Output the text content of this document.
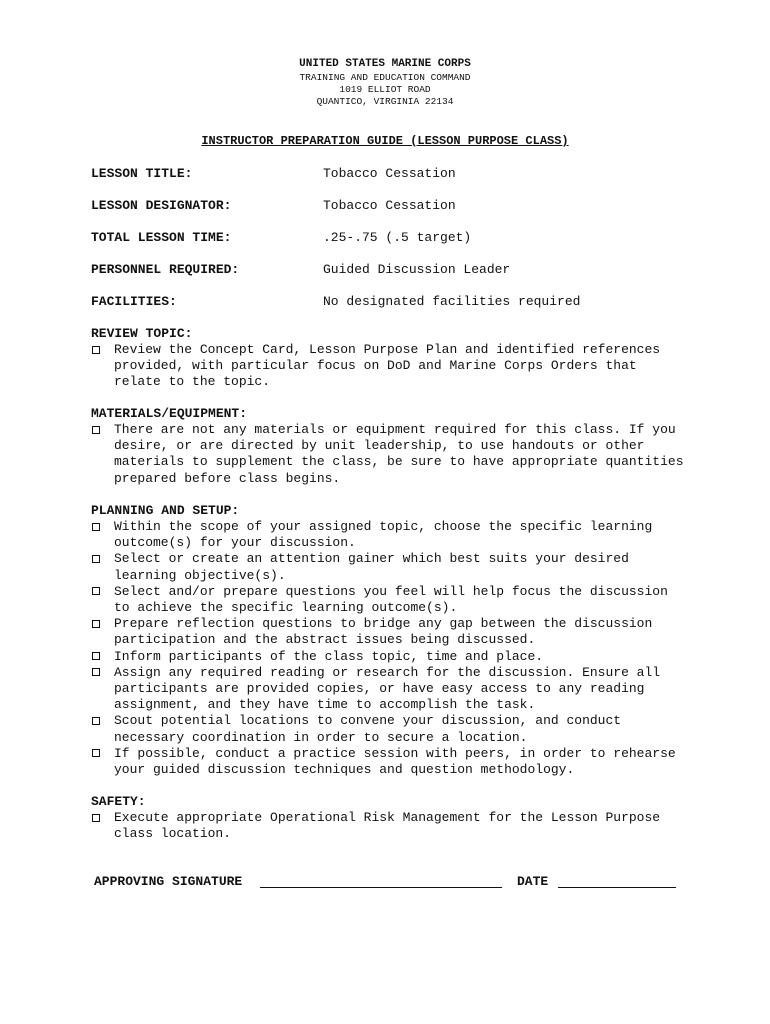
UNITED STATES MARINE CORPS
TRAINING AND EDUCATION COMMAND
1019 ELLIOT ROAD
QUANTICO, VIRGINIA 22134
INSTRUCTOR PREPARATION GUIDE (LESSON PURPOSE CLASS)
LESSON TITLE:	Tobacco Cessation
LESSON DESIGNATOR:	Tobacco Cessation
TOTAL LESSON TIME:	.25-.75 (.5 target)
PERSONNEL REQUIRED:	Guided Discussion Leader
FACILITIES:	No designated facilities required
REVIEW TOPIC:
Review the Concept Card, Lesson Purpose Plan and identified references provided, with particular focus on DoD and Marine Corps Orders that relate to the topic.
MATERIALS/EQUIPMENT:
There are not any materials or equipment required for this class. If you desire, or are directed by unit leadership, to use handouts or other materials to supplement the class, be sure to have appropriate quantities prepared before class begins.
PLANNING AND SETUP:
Within the scope of your assigned topic, choose the specific learning outcome(s) for your discussion.
Select or create an attention gainer which best suits your desired learning objective(s).
Select and/or prepare questions you feel will help focus the discussion to achieve the specific learning outcome(s).
Prepare reflection questions to bridge any gap between the discussion participation and the abstract issues being discussed.
Inform participants of the class topic, time and place.
Assign any required reading or research for the discussion. Ensure all participants are provided copies, or have easy access to any reading assignment, and they have time to accomplish the task.
Scout potential locations to convene your discussion, and conduct necessary coordination in order to secure a location.
If possible, conduct a practice session with peers, in order to rehearse your guided discussion techniques and question methodology.
SAFETY:
Execute appropriate Operational Risk Management for the Lesson Purpose class location.
APPROVING SIGNATURE	DATE
